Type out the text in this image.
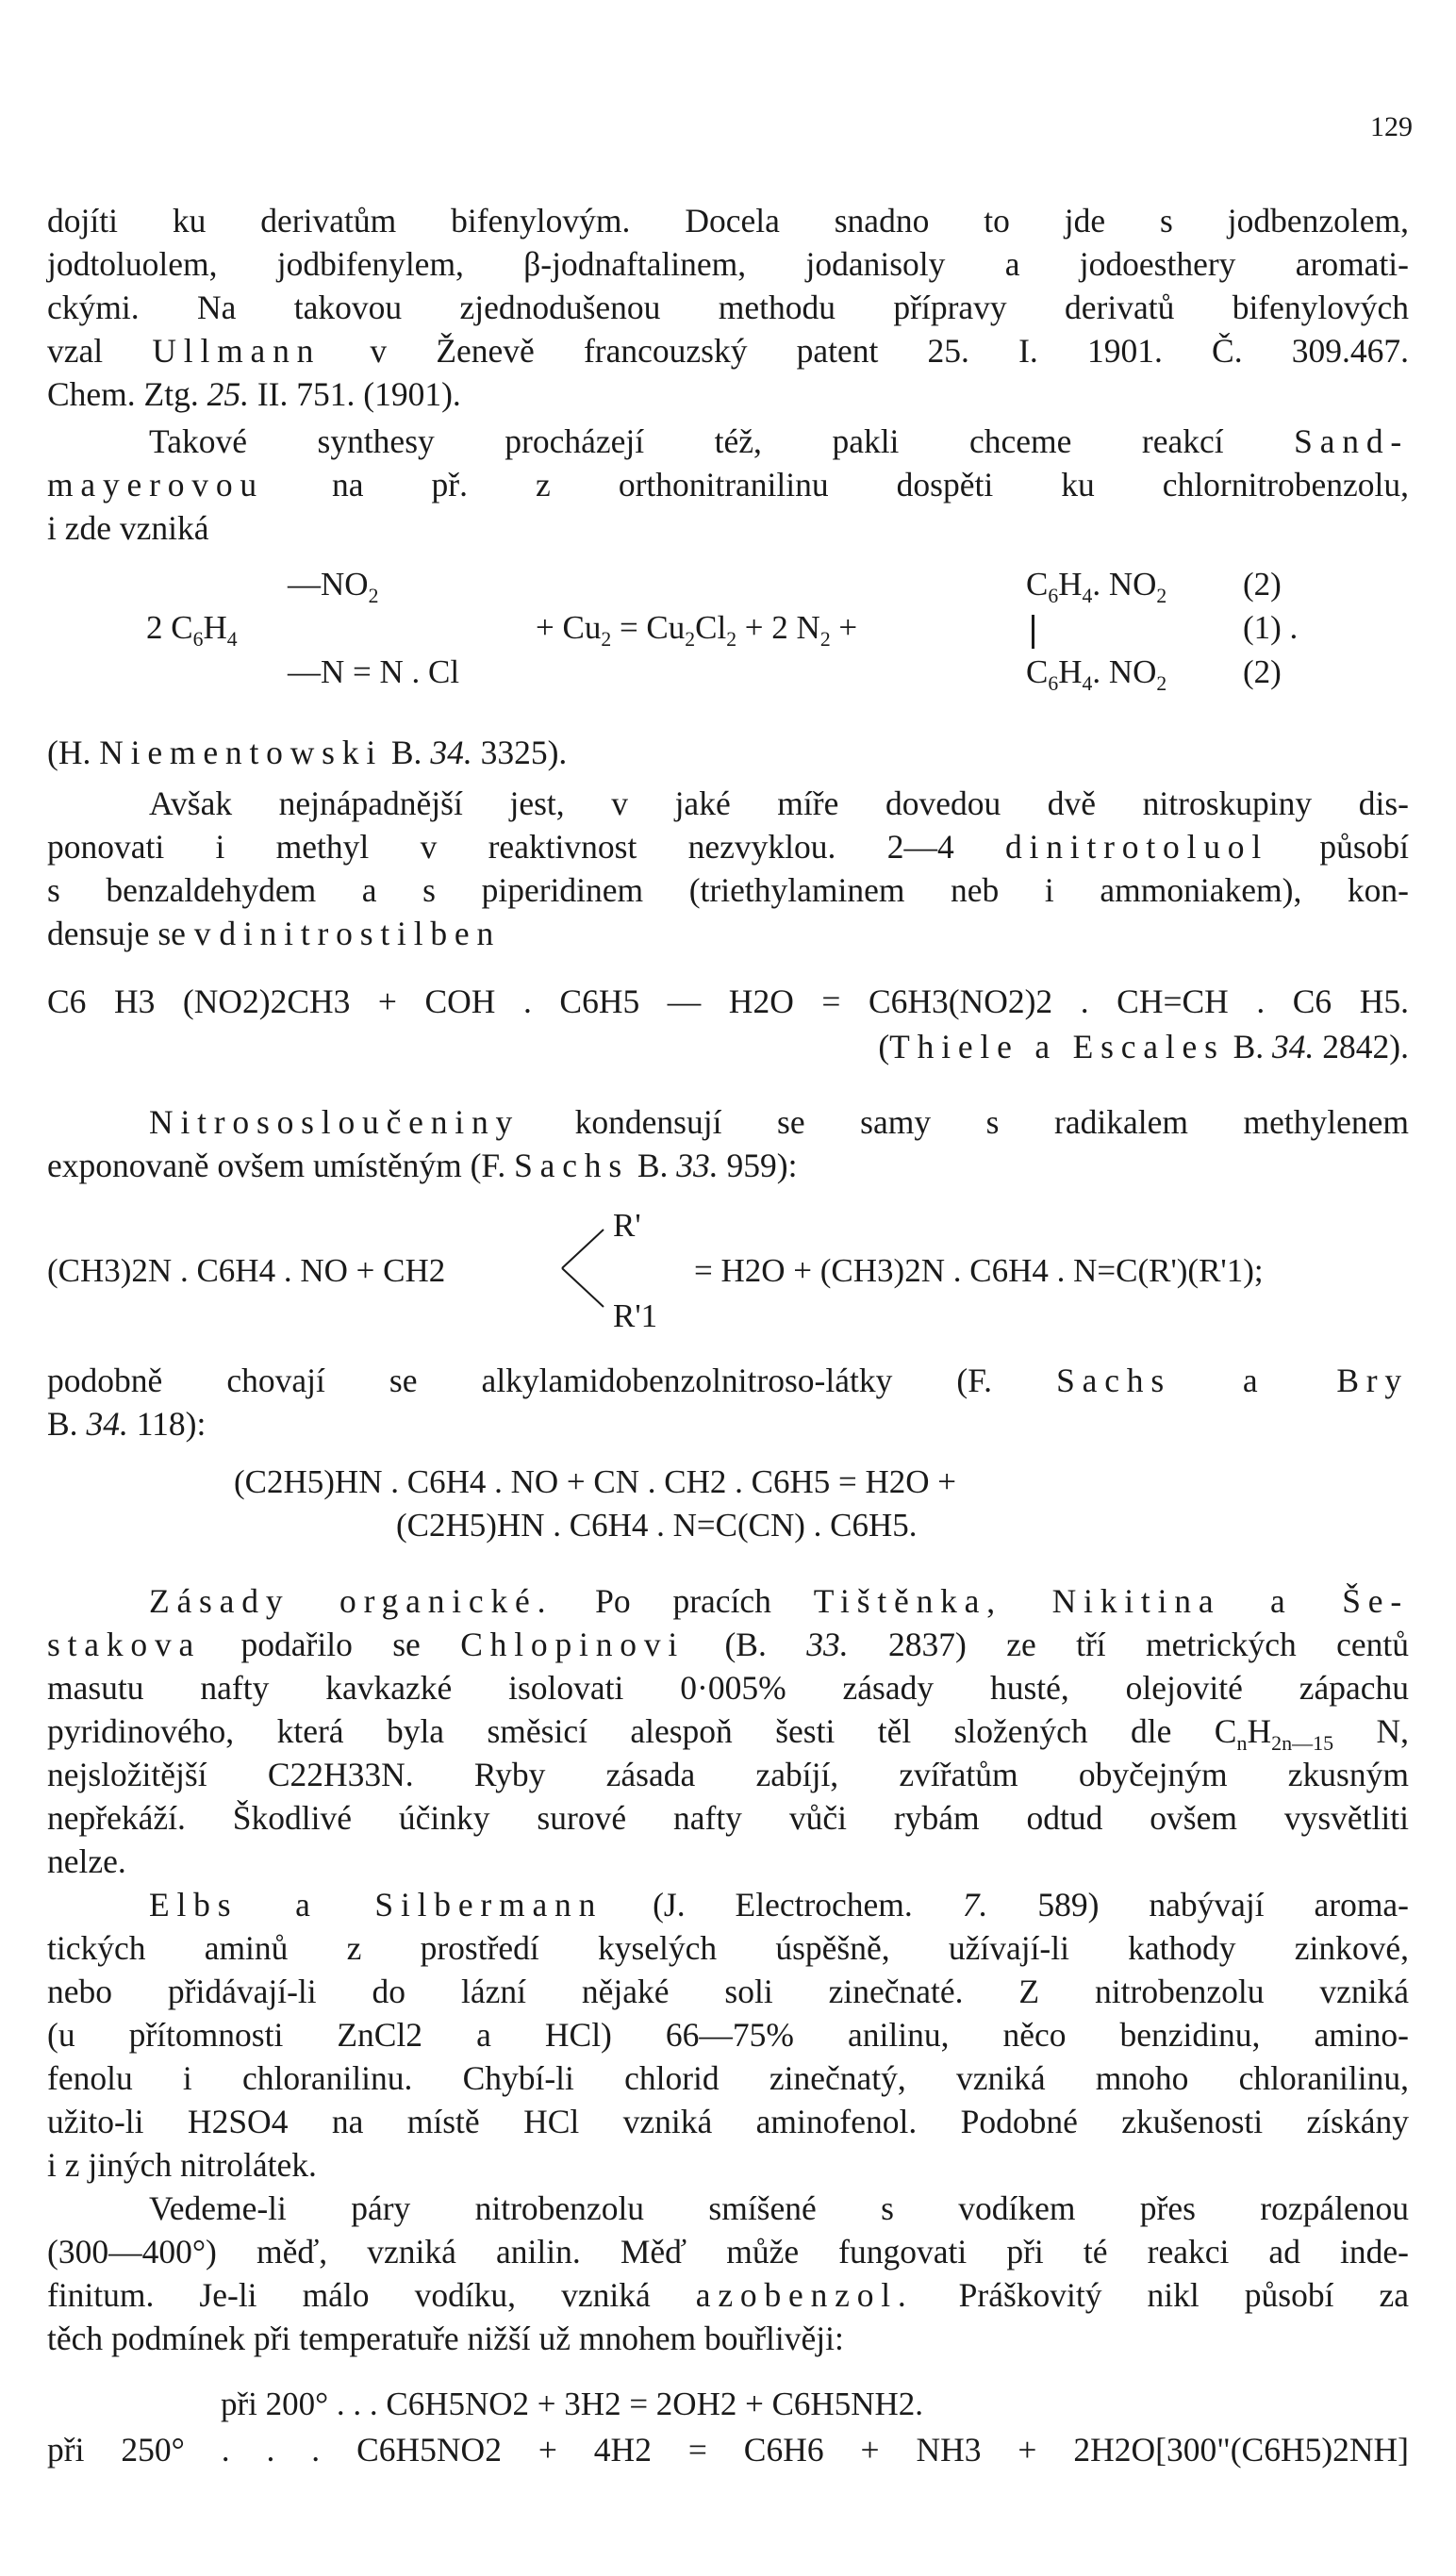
129
dojíti ku derivatům bifenylovým. Docela snadno to jde s jodbenzolem,
jodtoluolem, jodbifenylem, β-jodnaftalinem, jodanisoly a jodoesthery aromati-
ckými. Na takovou zjednodušenou methodu přípravy derivatů bifenylových
vzal Ullmann v Ženevě francouzský patent 25. I. 1901. Č. 309.467.
Chem. Ztg. 25. II. 751. (1901).
Takové synthesy procházejí též, pakli chceme reakcí Sand-
mayerovou na př. z orthonitranilinu dospěti ku chlornitrobenzolu,
i zde vzniká
$—NO_2$
2 $C_6H_4$
—N = N . Cl
+ $Cu_2 = Cu_2Cl_2 + 2$ $N_2$ +
$C_6H_4$. $NO_2$
$C_6H_4$. $NO_2$
(2)
(1) .
(2)
(H. Niementowski B. 34. 3325).
Avšak nejnápadnější jest, v jaké míře dovedou dvě nitroskupiny dis-
ponovati i methyl v reaktivnost nezvyklou. 2—4 dinitrotoluol působí
s benzaldehydem a s piperidinem (triethylaminem neb i ammoniakem), kon-
densuje se v dinitrostilben
C6 H3 (NO2)2CH3 + COH . C6H5 — H2O = C6H3(NO2)2 . CH=CH . C6 H5.
(Thiele a Escales B. 34. 2842).
Nitrososloučeniny kondensují se samy s radikalem methylenem
exponovaně ovšem umístěným (F. Sachs B. 33. 959):
(CH3)2N . C6H4 . NO + CH2
R'
R'1
= H2O + (CH3)2N . C6H4 . N=C(R')(R'1);
podobně chovají se alkylamidobenzolnitroso-látky (F. Sachs a Bry
B. 34. 118):
(C2H5)HN . C6H4 . NO + CN . CH2 . C6H5 = H2O +
(C2H5)HN . C6H4 . N=C(CN) . C6H5.
Zásady organické. Po pracích Tištěnka, Nikitina a Še-
stakova podařilo se Chlopinovi (B. 33. 2837) ze tří metrických centů
masutu nafty kavkazké isolovati 0·005% zásady husté, olejovité zápachu
pyridinového, která byla směsicí alespoň šesti těl složených dle $C_nH_{2n—15}$ N,
nejsložitější C22H33N. Ryby zásada zabíjí, zvířatům obyčejným zkusným
nepřekáží. Škodlivé účinky surové nafty vůči rybám odtud ovšem vysvětliti
nelze.
Elbs a Silbermann (J. Electrochem. 7. 589) nabývají aroma-
tických aminů z prostředí kyselých úspěšně, užívají-li kathody zinkové,
nebo přidávají-li do lázní nějaké soli zinečnaté. Z nitrobenzolu vzniká
(u přítomnosti ZnCl2 a HCl) 66—75% anilinu, něco benzidinu, amino-
fenolu i chloranilinu. Chybí-li chlorid zinečnatý, vzniká mnoho chloranilinu,
užito-li H2SO4 na místě HCl vzniká aminofenol. Podobné zkušenosti získány
i z jiných nitrolátek.
Vedeme-li páry nitrobenzolu smíšené s vodíkem přes rozpálenou
(300—400°) měď, vzniká anilin. Měď může fungovati při té reakci ad inde-
finitum. Je-li málo vodíku, vzniká azobenzol. Práškovitý nikl působí za
těch podmínek při temperatuře nižší už mnohem bouřlivěji:
při 200° . . . C6H5NO2 + 3H2 = 2OH2 + C6H5NH2.
při 250° . . . C6H5NO2 + 4H2 = C6H6 + NH3 + 2H2O[300"(C6H5)2NH]
